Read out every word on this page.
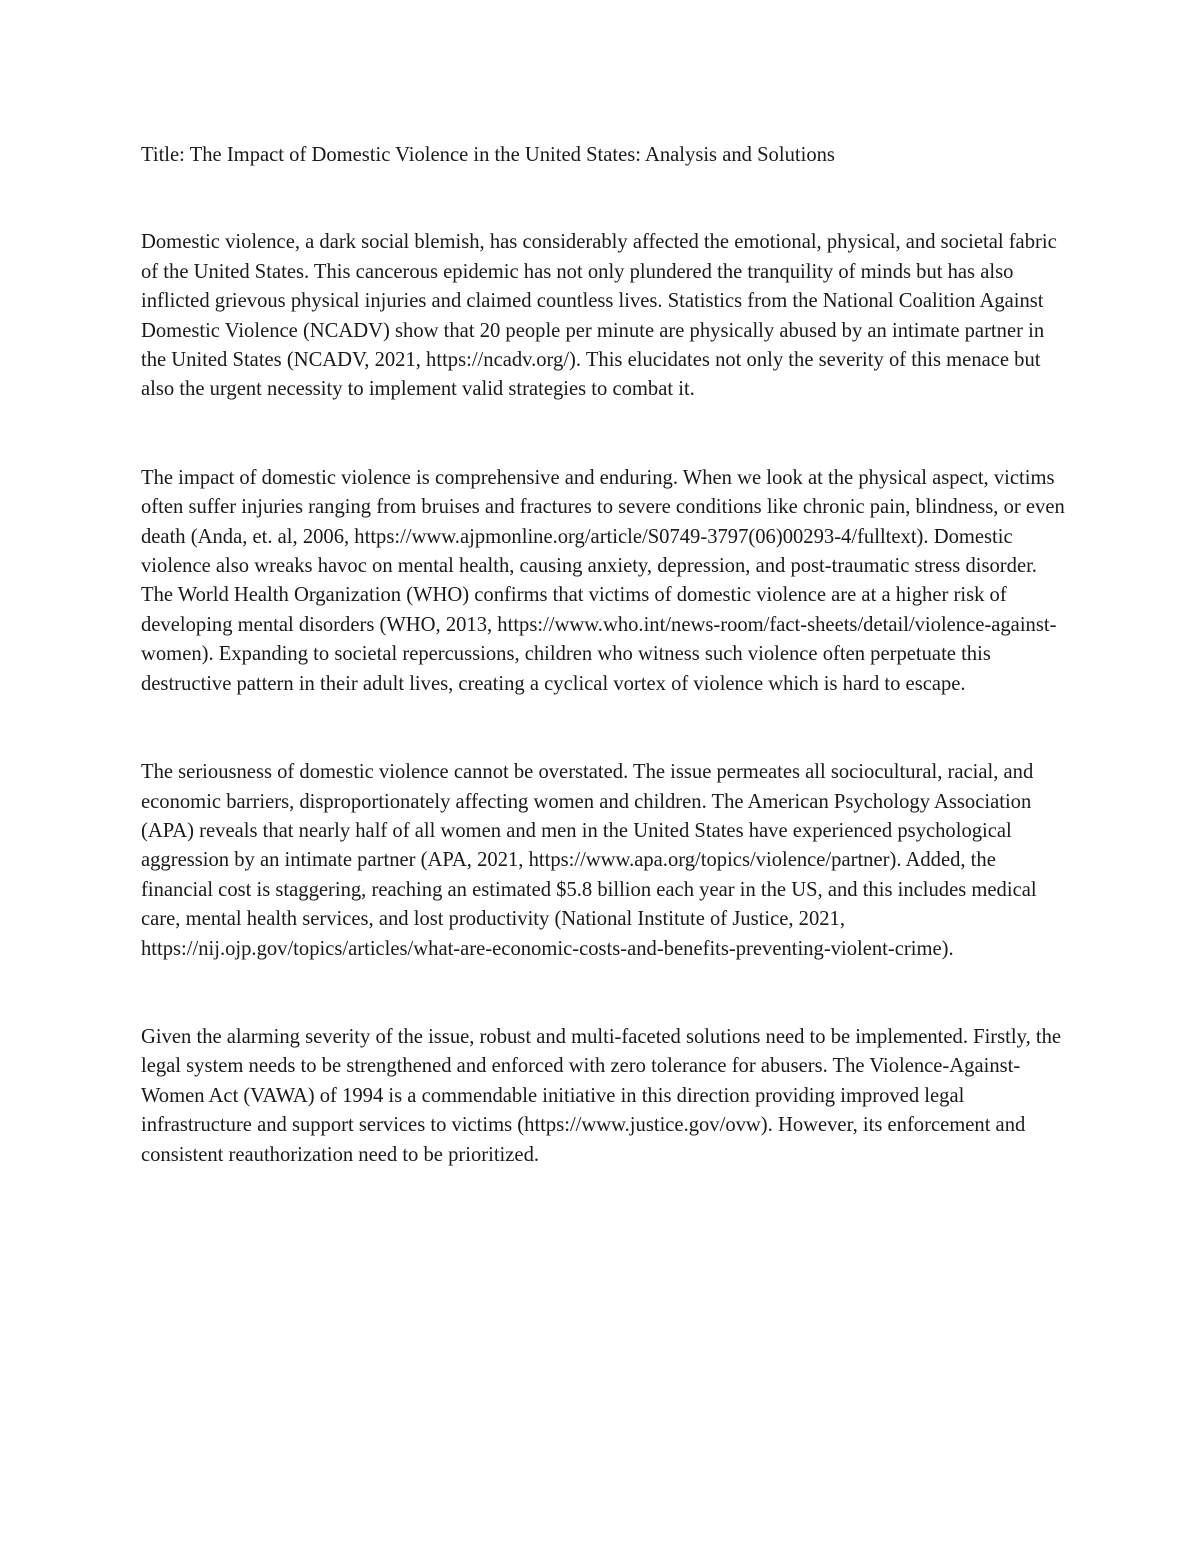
Title: The Impact of Domestic Violence in the United States: Analysis and Solutions

Domestic violence, a dark social blemish, has considerably affected the emotional, physical, and societal fabric of the United States. This cancerous epidemic has not only plundered the tranquility of minds but has also inflicted grievous physical injuries and claimed countless lives. Statistics from the National Coalition Against Domestic Violence (NCADV) show that 20 people per minute are physically abused by an intimate partner in the United States (NCADV, 2021, https://ncadv.org/). This elucidates not only the severity of this menace but also the urgent necessity to implement valid strategies to combat it.

The impact of domestic violence is comprehensive and enduring. When we look at the physical aspect, victims often suffer injuries ranging from bruises and fractures to severe conditions like chronic pain, blindness, or even death (Anda, et. al, 2006, https://www.ajpmonline.org/article/S0749-3797(06)00293-4/fulltext). Domestic violence also wreaks havoc on mental health, causing anxiety, depression, and post-traumatic stress disorder. The World Health Organization (WHO) confirms that victims of domestic violence are at a higher risk of developing mental disorders (WHO, 2013, https://www.who.int/news-room/fact-sheets/detail/violence-against-women). Expanding to societal repercussions, children who witness such violence often perpetuate this destructive pattern in their adult lives, creating a cyclical vortex of violence which is hard to escape.

The seriousness of domestic violence cannot be overstated. The issue permeates all sociocultural, racial, and economic barriers, disproportionately affecting women and children. The American Psychology Association (APA) reveals that nearly half of all women and men in the United States have experienced psychological aggression by an intimate partner (APA, 2021, https://www.apa.org/topics/violence/partner). Added, the financial cost is staggering, reaching an estimated $5.8 billion each year in the US, and this includes medical care, mental health services, and lost productivity (National Institute of Justice, 2021, https://nij.ojp.gov/topics/articles/what-are-economic-costs-and-benefits-preventing-violent-crime).

Given the alarming severity of the issue, robust and multi-faceted solutions need to be implemented. Firstly, the legal system needs to be strengthened and enforced with zero tolerance for abusers. The Violence-Against-Women Act (VAWA) of 1994 is a commendable initiative in this direction providing improved legal infrastructure and support services to victims (https://www.justice.gov/ovw). However, its enforcement and consistent reauthorization need to be prioritized.
